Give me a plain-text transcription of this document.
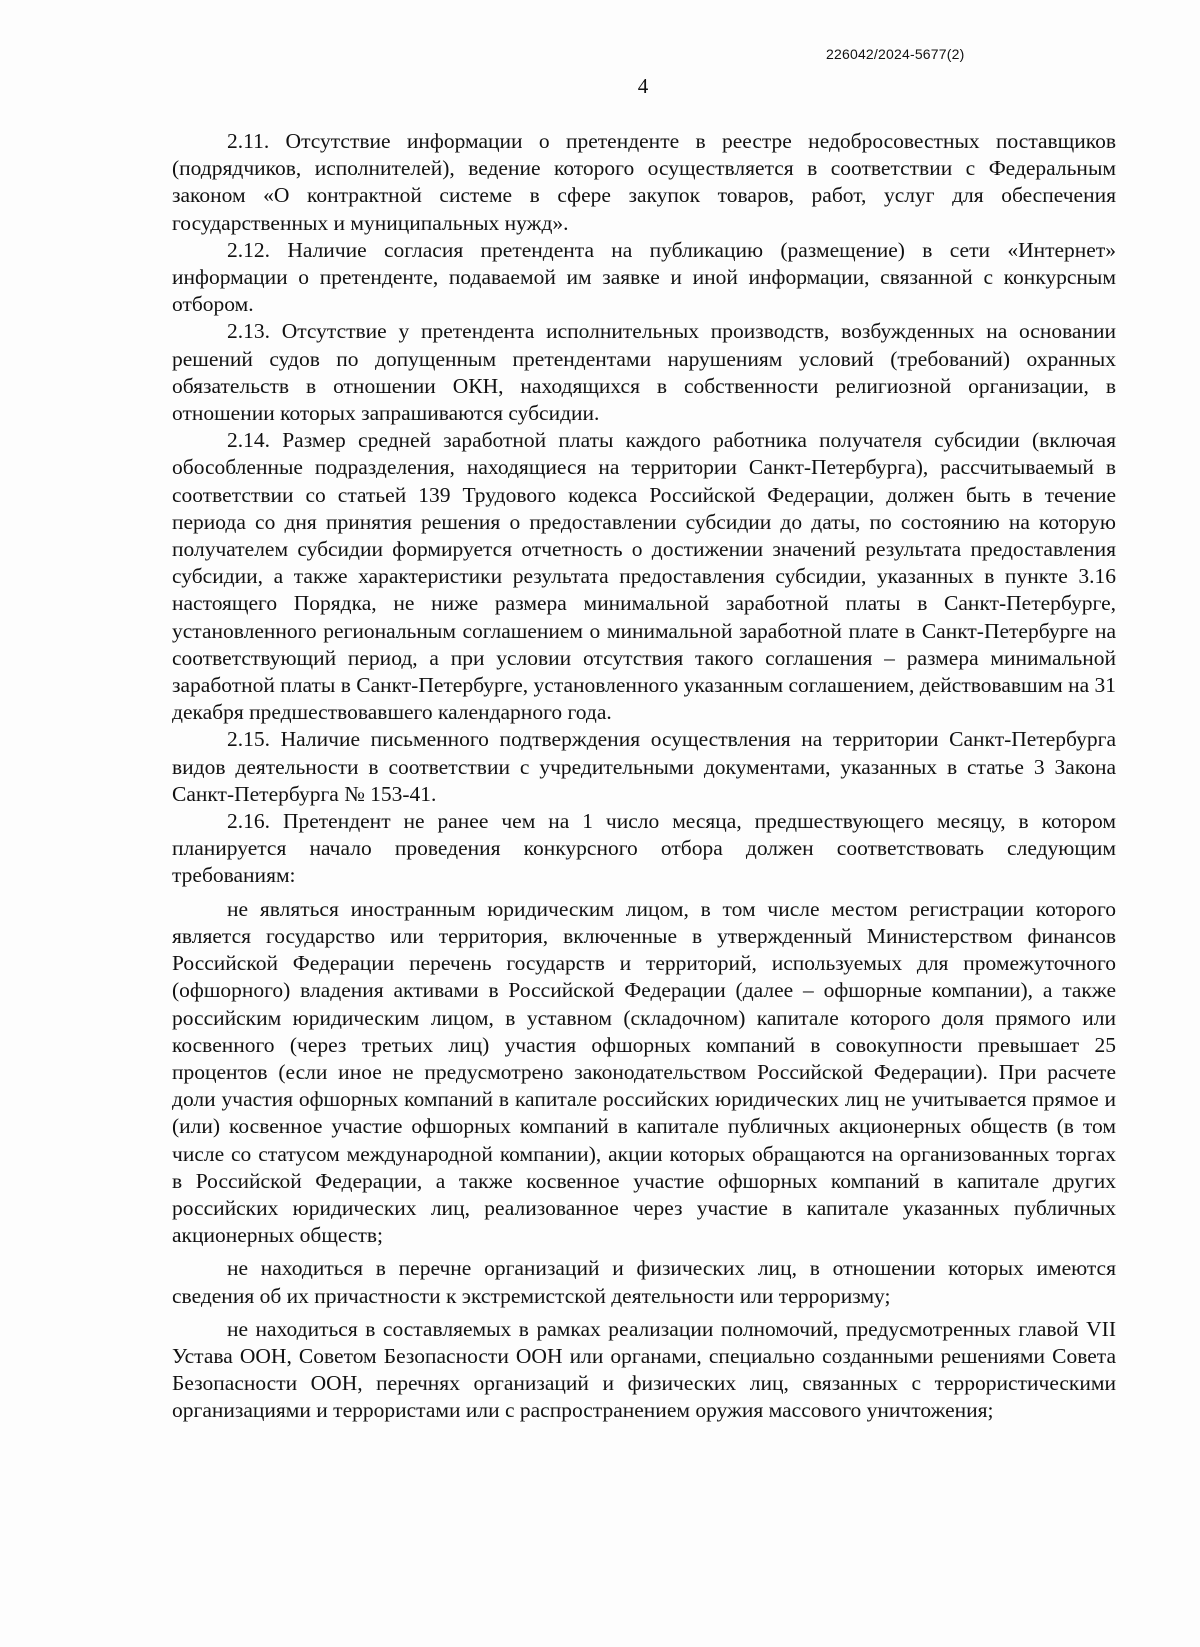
226042/2024-5677(2)
4

2.11. Отсутствие информации о претенденте в реестре недобросовестных поставщиков (подрядчиков, исполнителей), ведение которого осуществляется в соответствии с Федеральным законом «О контрактной системе в сфере закупок товаров, работ, услуг для обеспечения государственных и муниципальных нужд».

2.12. Наличие согласия претендента на публикацию (размещение) в сети «Интернет» информации о претенденте, подаваемой им заявке и иной информации, связанной с конкурсным отбором.

2.13. Отсутствие у претендента исполнительных производств, возбужденных на основании решений судов по допущенным претендентами нарушениям условий (требований) охранных обязательств в отношении ОКН, находящихся в собственности религиозной организации, в отношении которых запрашиваются субсидии.

2.14. Размер средней заработной платы каждого работника получателя субсидии (включая обособленные подразделения, находящиеся на территории Санкт-Петербурга), рассчитываемый в соответствии со статьей 139 Трудового кодекса Российской Федерации, должен быть в течение периода со дня принятия решения о предоставлении субсидии до даты, по состоянию на которую получателем субсидии формируется отчетность о достижении значений результата предоставления субсидии, а также характеристики результата предоставления субсидии, указанных в пункте 3.16 настоящего Порядка, не ниже размера минимальной заработной платы в Санкт-Петербурге, установленного региональным соглашением о минимальной заработной плате в Санкт-Петербурге на соответствующий период, а при условии отсутствия такого соглашения – размера минимальной заработной платы в Санкт-Петербурге, установленного указанным соглашением, действовавшим на 31 декабря предшествовавшего календарного года.

2.15. Наличие письменного подтверждения осуществления на территории Санкт-Петербурга видов деятельности в соответствии с учредительными документами, указанных в статье 3 Закона Санкт-Петербурга № 153-41.

2.16. Претендент не ранее чем на 1 число месяца, предшествующего месяцу, в котором планируется начало проведения конкурсного отбора должен соответствовать следующим требованиям:

не являться иностранным юридическим лицом, в том числе местом регистрации которого является государство или территория, включенные в утвержденный Министерством финансов Российской Федерации перечень государств и территорий, используемых для промежуточного (офшорного) владения активами в Российской Федерации (далее – офшорные компании), а также российским юридическим лицом, в уставном (складочном) капитале которого доля прямого или косвенного (через третьих лиц) участия офшорных компаний в совокупности превышает 25 процентов (если иное не предусмотрено законодательством Российской Федерации). При расчете доли участия офшорных компаний в капитале российских юридических лиц не учитывается прямое и (или) косвенное участие офшорных компаний в капитале публичных акционерных обществ (в том числе со статусом международной компании), акции которых обращаются на организованных торгах в Российской Федерации, а также косвенное участие офшорных компаний в капитале других российских юридических лиц, реализованное через участие в капитале указанных публичных акционерных обществ;

не находиться в перечне организаций и физических лиц, в отношении которых имеются сведения об их причастности к экстремистской деятельности или терроризму;

не находиться в составляемых в рамках реализации полномочий, предусмотренных главой VII Устава ООН, Советом Безопасности ООН или органами, специально созданными решениями Совета Безопасности ООН, перечнях организаций и физических лиц, связанных с террористическими организациями и террористами или с распространением оружия массового уничтожения;
